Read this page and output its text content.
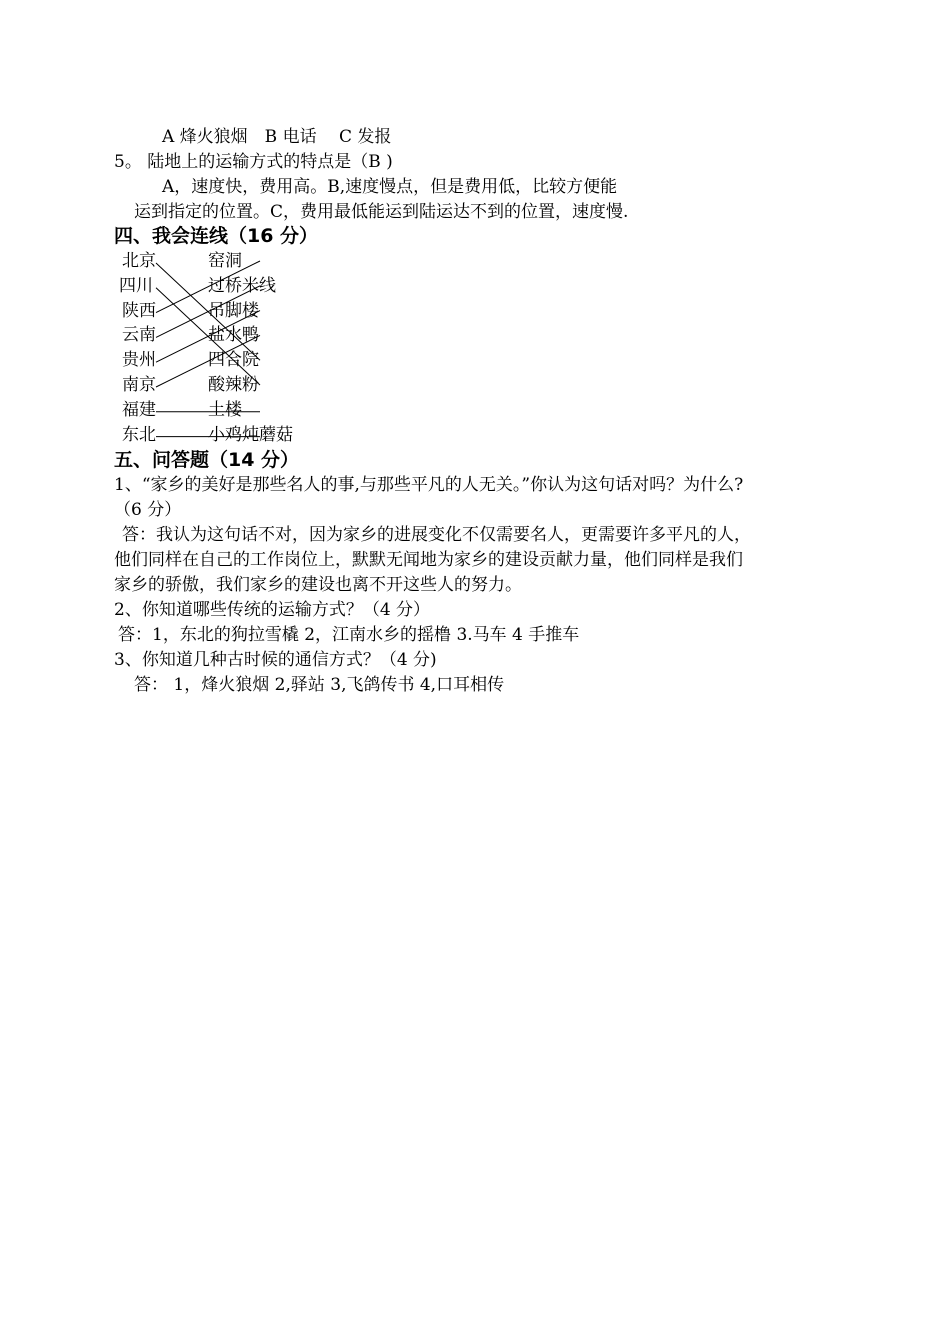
A 烽火狼烟　B 电话　 C 发报
5。 陆地上的运输方式的特点是（B )
A，速度快，费用高。B,速度慢点，但是费用低，比较方便能
运到指定的位置。C，费用最低能运到陆运达不到的位置，速度慢.
四、我会连线（16 分）
北京
四川
陕西
云南
贵州
南京
福建
东北
窑洞
过桥米线
吊脚楼
盐水鸭
四合院
酸辣粉
土楼
小鸡炖蘑菇
五、问答题（14 分）
1、“家乡的美好是那些名人的事,与那些平凡的人无关。”你认为这句话对吗？为什么?
（6 分）
答：我认为这句话不对，因为家乡的进展变化不仅需要名人，更需要许多平凡的人，
他们同样在自己的工作岗位上，默默无闻地为家乡的建设贡献力量，他们同样是我们
家乡的骄傲，我们家乡的建设也离不开这些人的努力。
2、你知道哪些传统的运输方式？（4 分）
答：1，东北的狗拉雪橇 2，江南水乡的摇橹 3.马车 4 手推车
3、你知道几种古时候的通信方式？（4 分)
答： 1，烽火狼烟 2,驿站 3,飞鸽传书 4,口耳相传
